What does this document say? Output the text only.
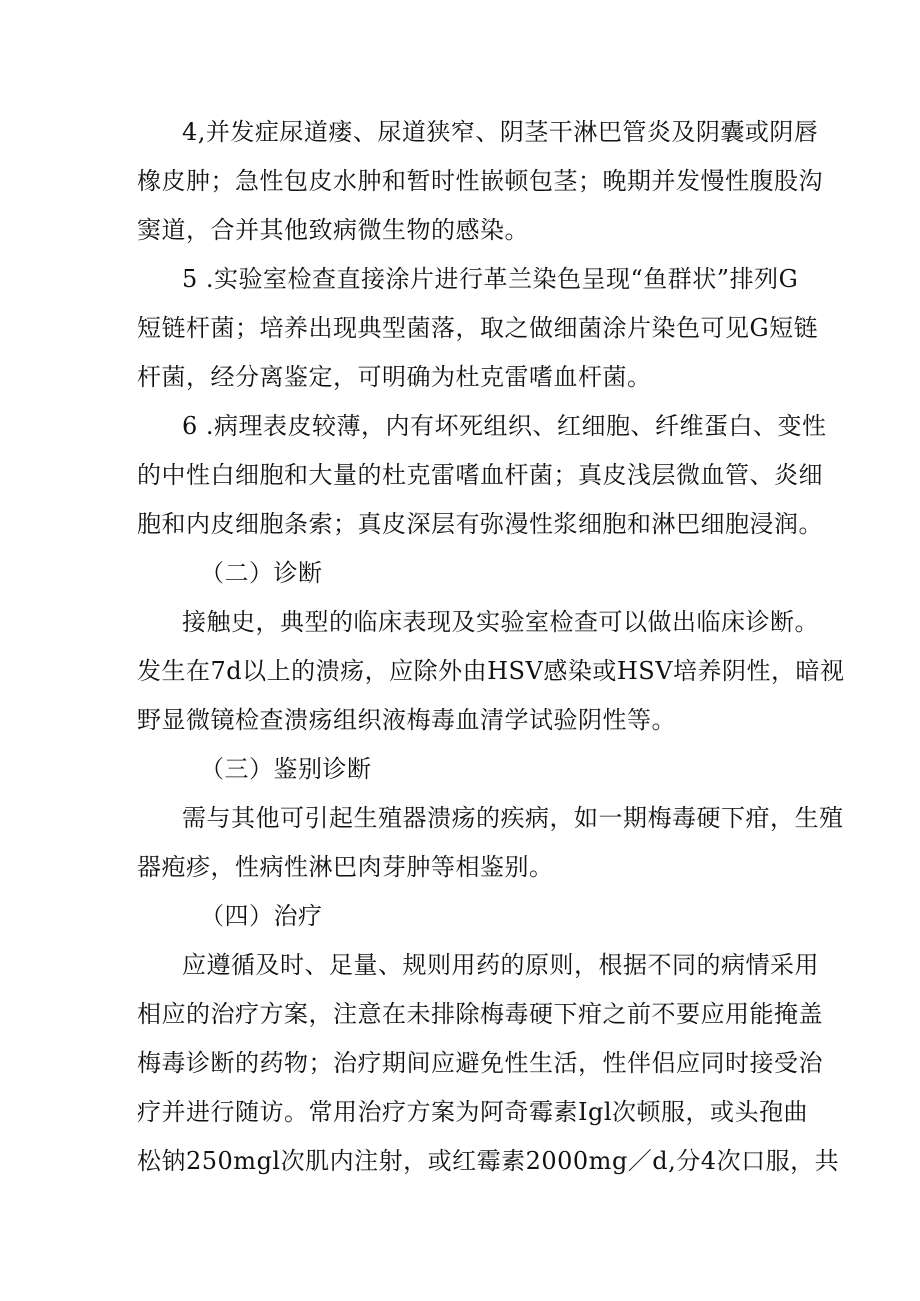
4,并发症尿道瘘、尿道狭窄、阴茎干淋巴管炎及阴囊或阴唇
橡皮肿；急性包皮水肿和暂时性嵌顿包茎；晚期并发慢性腹股沟
窦道，合并其他致病微生物的感染。
5 .实验室检查直接涂片进行革兰染色呈现“鱼群状”排列G
短链杆菌；培养出现典型菌落，取之做细菌涂片染色可见G短链
杆菌，经分离鉴定，可明确为杜克雷嗜血杆菌。
6 .病理表皮较薄，内有坏死组织、红细胞、纤维蛋白、变性
的中性白细胞和大量的杜克雷嗜血杆菌；真皮浅层微血管、炎细
胞和内皮细胞条索；真皮深层有弥漫性浆细胞和淋巴细胞浸润。
（二）诊断
接触史，典型的临床表现及实验室检查可以做出临床诊断。
发生在7d以上的溃疡，应除外由HSV感染或HSV培养阴性，暗视
野显微镜检查溃疡组织液梅毒血清学试验阴性等。
（三）鉴别诊断
需与其他可引起生殖器溃疡的疾病，如一期梅毒硬下疳，生殖
器疱疹，性病性淋巴肉芽肿等相鉴别。
（四）治疗
应遵循及时、足量、规则用药的原则，根据不同的病情采用
相应的治疗方案，注意在未排除梅毒硬下疳之前不要应用能掩盖
梅毒诊断的药物；治疗期间应避免性生活，性伴侣应同时接受治
疗并进行随访。常用治疗方案为阿奇霉素Igl次顿服，或头孢曲
松钠250mgl次肌内注射，或红霉素2000mg／d,分4次口服，共
